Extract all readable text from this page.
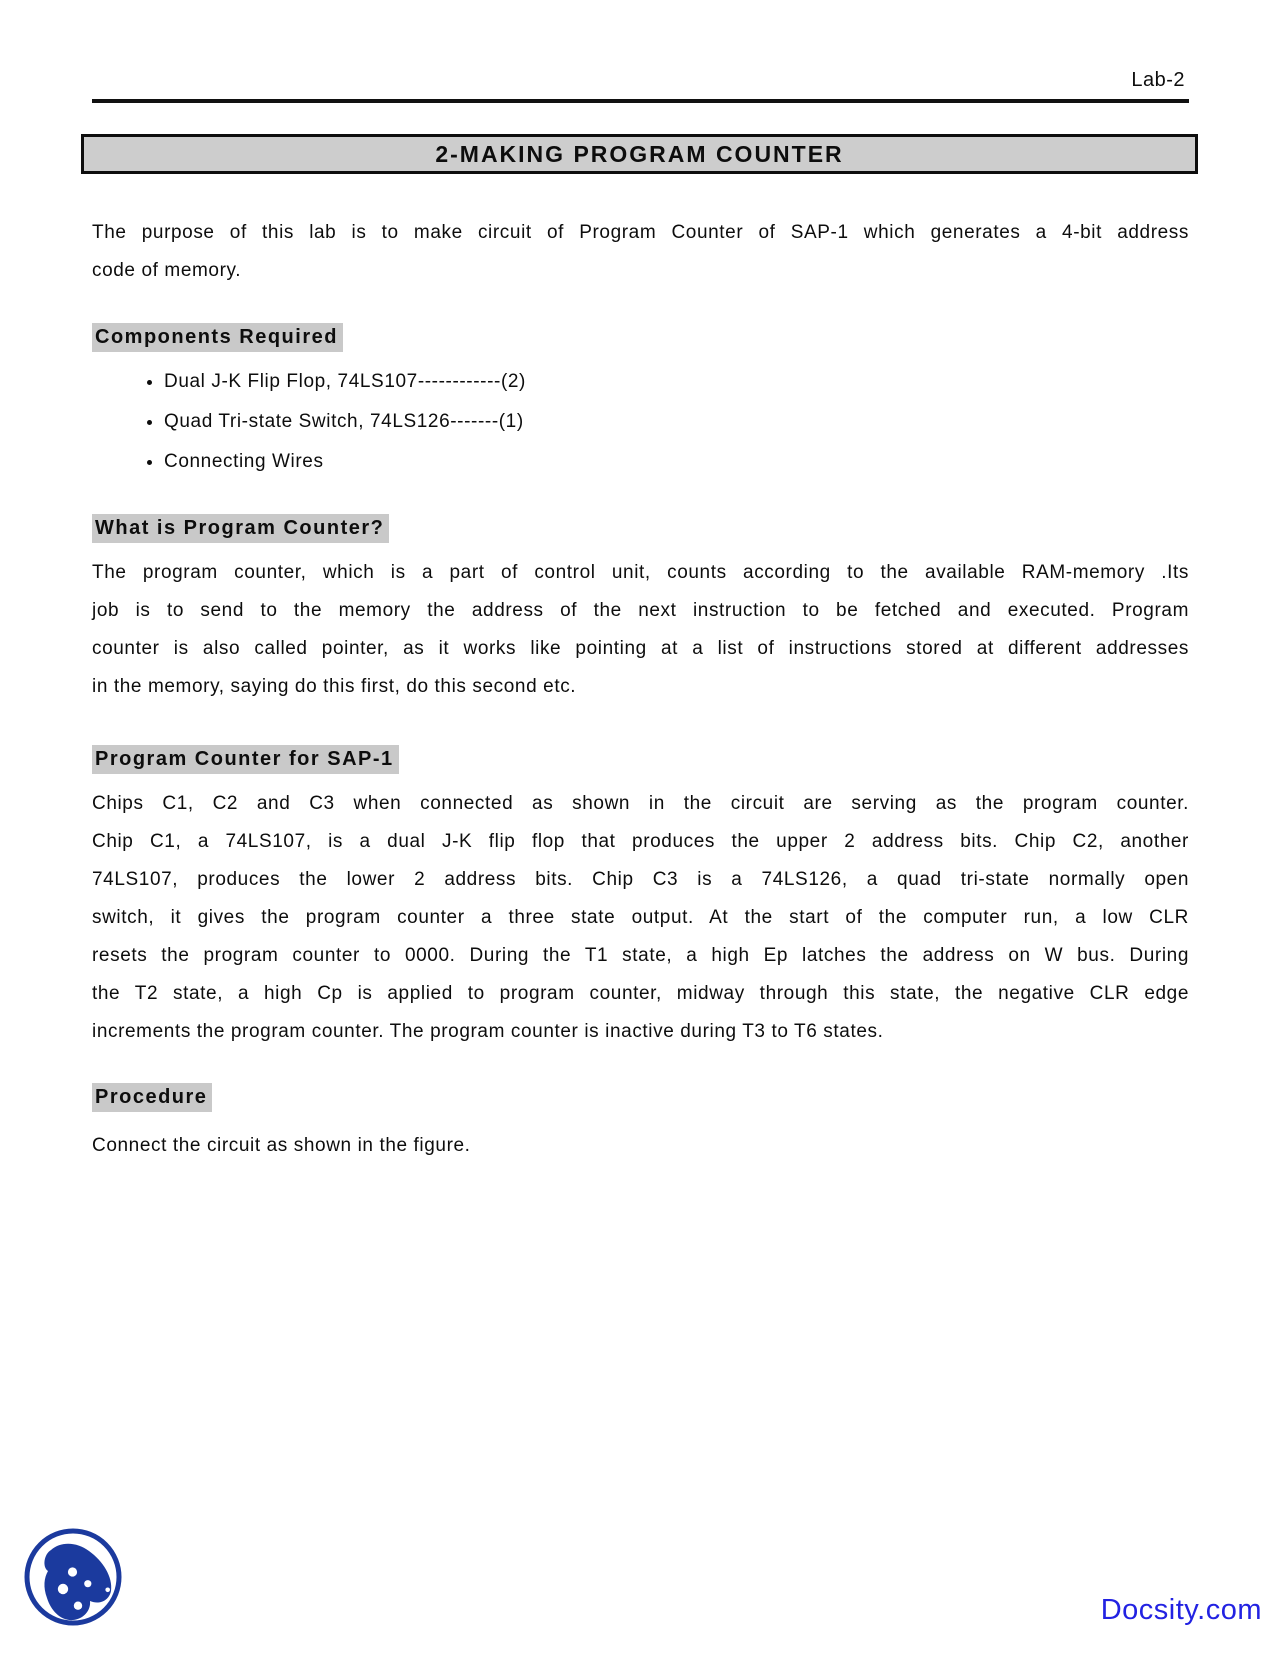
Lab-2
2-MAKING PROGRAM COUNTER
The purpose of this lab is to make circuit of Program Counter of SAP-1 which generates a 4-bit address
code of memory.
Components Required
• Dual J-K Flip Flop, 74LS107------------(2)
• Quad Tri-state Switch, 74LS126-------(1)
• Connecting Wires
What is Program Counter?
The program counter, which is a part of control unit, counts according to the available RAM-memory .Its
job is to send to the memory the address of the next instruction to be fetched and executed. Program
counter is also called pointer, as it works like pointing at a list of instructions stored at different addresses
in the memory, saying do this first, do this second etc.
Program Counter for SAP-1
Chips C1, C2 and C3 when connected as shown in the circuit are serving as the program counter.
Chip C1, a 74LS107, is a dual J-K flip flop that produces the upper 2 address bits. Chip C2, another
74LS107, produces the lower 2 address bits. Chip C3 is a 74LS126, a quad tri-state normally open
switch, it gives the program counter a three state output. At the start of the computer run, a low CLR
resets the program counter to 0000. During the T1 state, a high Ep latches the address on W bus. During
the T2 state, a high Cp is applied to program counter, midway through this state, the negative CLR edge
increments the program counter. The program counter is inactive during T3 to T6 states.
Procedure
Connect the circuit as shown in the figure.
Docsity.com
